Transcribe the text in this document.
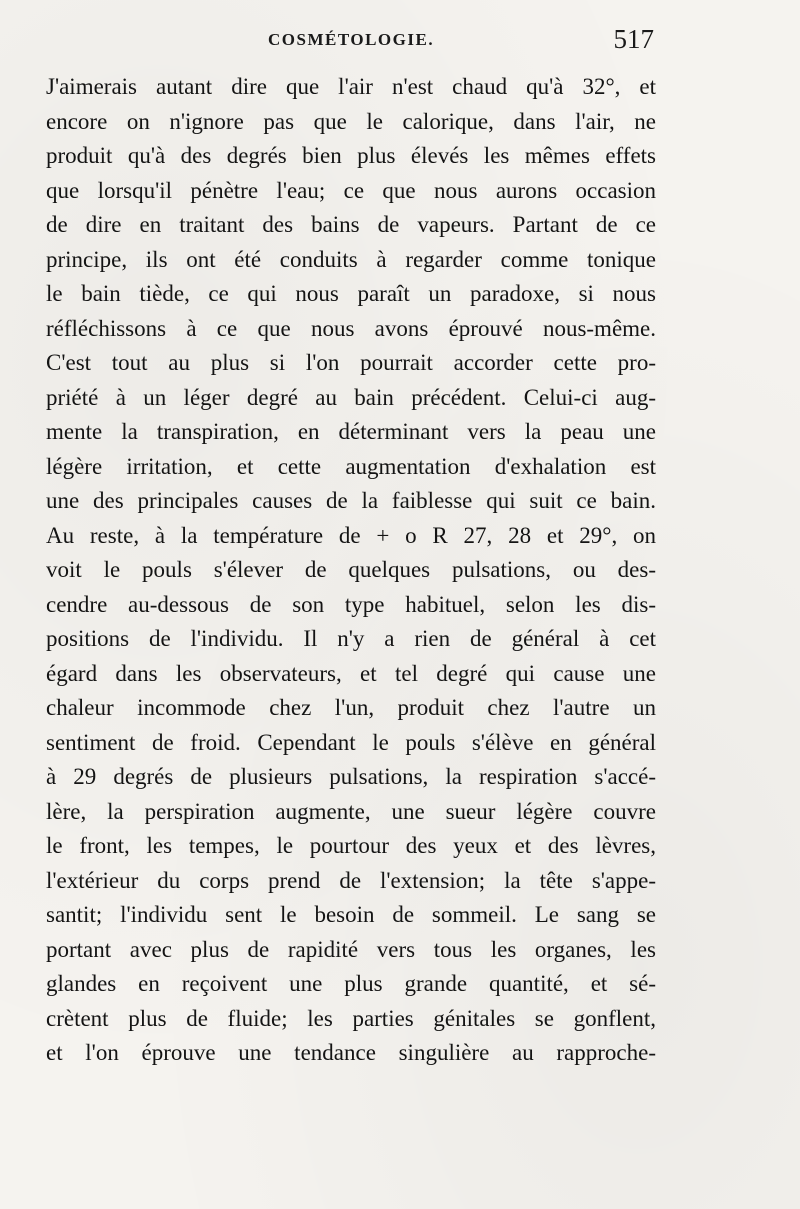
COSMÉTOLOGIE.	517
J'aimerais autant dire que l'air n'est chaud qu'à 32°, et
encore on n'ignore pas que le calorique, dans l'air, ne
produit qu'à des degrés bien plus élevés les mêmes effets
que lorsqu'il pénètre l'eau; ce que nous aurons occasion
de dire en traitant des bains de vapeurs. Partant de ce
principe, ils ont été conduits à regarder comme tonique
le bain tiède, ce qui nous paraît un paradoxe, si nous
réfléchissons à ce que nous avons éprouvé nous-même.
C'est tout au plus si l'on pourrait accorder cette pro-
priété à un léger degré au bain précédent. Celui-ci aug-
mente la transpiration, en déterminant vers la peau une
légère irritation, et cette augmentation d'exhalation est
une des principales causes de la faiblesse qui suit ce bain.
Au reste, à la température de + o R 27, 28 et 29°, on
voit le pouls s'élever de quelques pulsations, ou des-
cendre au-dessous de son type habituel, selon les dis-
positions de l'individu. Il n'y a rien de général à cet
égard dans les observateurs, et tel degré qui cause une
chaleur incommode chez l'un, produit chez l'autre un
sentiment de froid. Cependant le pouls s'élève en général
à 29 degrés de plusieurs pulsations, la respiration s'accé-
lère, la perspiration augmente, une sueur légère couvre
le front, les tempes, le pourtour des yeux et des lèvres,
l'extérieur du corps prend de l'extension; la tête s'appe-
santit; l'individu sent le besoin de sommeil. Le sang se
portant avec plus de rapidité vers tous les organes, les
glandes en reçoivent une plus grande quantité, et sé-
crètent plus de fluide; les parties génitales se gonflent,
et l'on éprouve une tendance singulière au rapproche-
